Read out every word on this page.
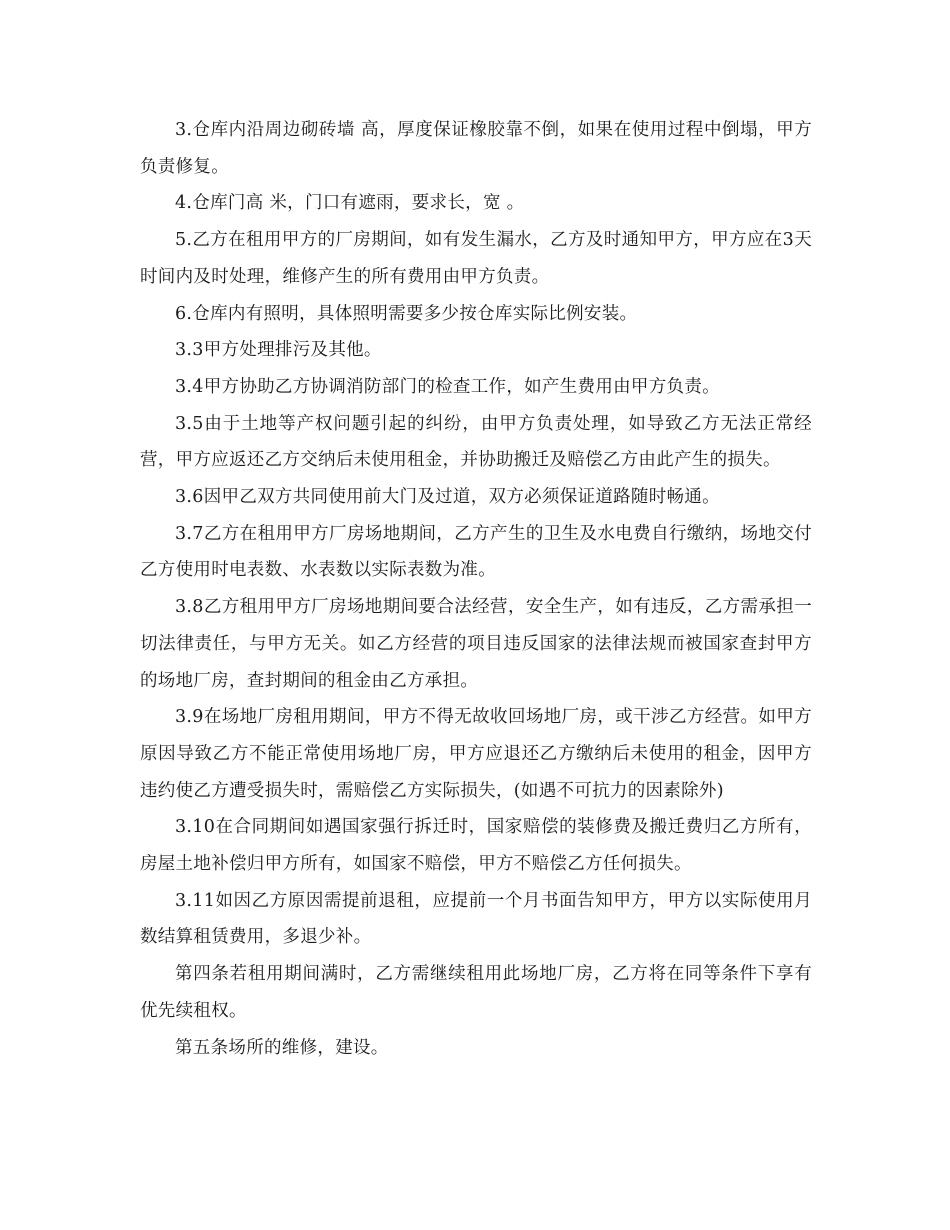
3.仓库内沿周边砌砖墙 高，厚度保证橡胶靠不倒，如果在使用过程中倒塌，甲方负责修复。

4.仓库门高 米，门口有遮雨，要求长，宽 。

5.乙方在租用甲方的厂房期间，如有发生漏水，乙方及时通知甲方，甲方应在3天时间内及时处理，维修产生的所有费用由甲方负责。

6.仓库内有照明，具体照明需要多少按仓库实际比例安装。

3.3甲方处理排污及其他。

3.4甲方协助乙方协调消防部门的检查工作，如产生费用由甲方负责。

3.5由于土地等产权问题引起的纠纷，由甲方负责处理，如导致乙方无法正常经营，甲方应返还乙方交纳后未使用租金，并协助搬迁及赔偿乙方由此产生的损失。

3.6因甲乙双方共同使用前大门及过道，双方必须保证道路随时畅通。

3.7乙方在租用甲方厂房场地期间，乙方产生的卫生及水电费自行缴纳，场地交付乙方使用时电表数、水表数以实际表数为准。

3.8乙方租用甲方厂房场地期间要合法经营，安全生产，如有违反，乙方需承担一切法律责任，与甲方无关。如乙方经营的项目违反国家的法律法规而被国家查封甲方的场地厂房，查封期间的租金由乙方承担。

3.9在场地厂房租用期间，甲方不得无故收回场地厂房，或干涉乙方经营。如甲方原因导致乙方不能正常使用场地厂房，甲方应退还乙方缴纳后未使用的租金，因甲方违约使乙方遭受损失时，需赔偿乙方实际损失，(如遇不可抗力的因素除外)

3.10在合同期间如遇国家强行拆迁时，国家赔偿的装修费及搬迁费归乙方所有，房屋土地补偿归甲方所有，如国家不赔偿，甲方不赔偿乙方任何损失。

3.11如因乙方原因需提前退租，应提前一个月书面告知甲方，甲方以实际使用月数结算租赁费用，多退少补。

第四条若租用期间满时，乙方需继续租用此场地厂房，乙方将在同等条件下享有优先续租权。

第五条场所的维修，建设。
